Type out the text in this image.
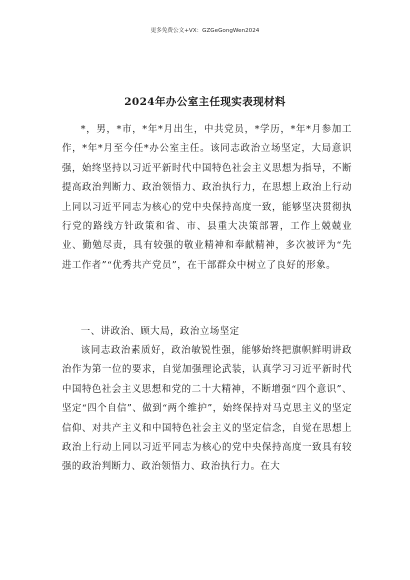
更多免费公文+VX：GZGeGongWen2024
2024年办公室主任现实表现材料

*，男，*市，*年*月出生，中共党员，*学历，*年*月参加工作，*年*月至今任*办公室主任。该同志政治立场坚定，大局意识强，始终坚持以习近平新时代中国特色社会主义思想为指导，不断提高政治判断力、政治领悟力、政治执行力，在思想上政治上行动上同以习近平同志为核心的党中央保持高度一致，能够坚决贯彻执行党的路线方针政策和省、市、县重大决策部署，工作上兢兢业业、勤勉尽责，具有较强的敬业精神和奉献精神，多次被评为“先进工作者”“优秀共产党员”，在干部群众中树立了良好的形象。

一、讲政治、顾大局，政治立场坚定

该同志政治素质好，政治敏锐性强，能够始终把旗帜鲜明讲政治作为第一位的要求，自觉加强理论武装，认真学习习近平新时代中国特色社会主义思想和党的二十大精神，不断增强“四个意识”、坚定“四个自信”、做到“两个维护”，始终保持对马克思主义的坚定信仰、对共产主义和中国特色社会主义的坚定信念，自觉在思想上政治上行动上同以习近平同志为核心的党中央保持高度一致具有较强的政治判断力、政治领悟力、政治执行力。在大
